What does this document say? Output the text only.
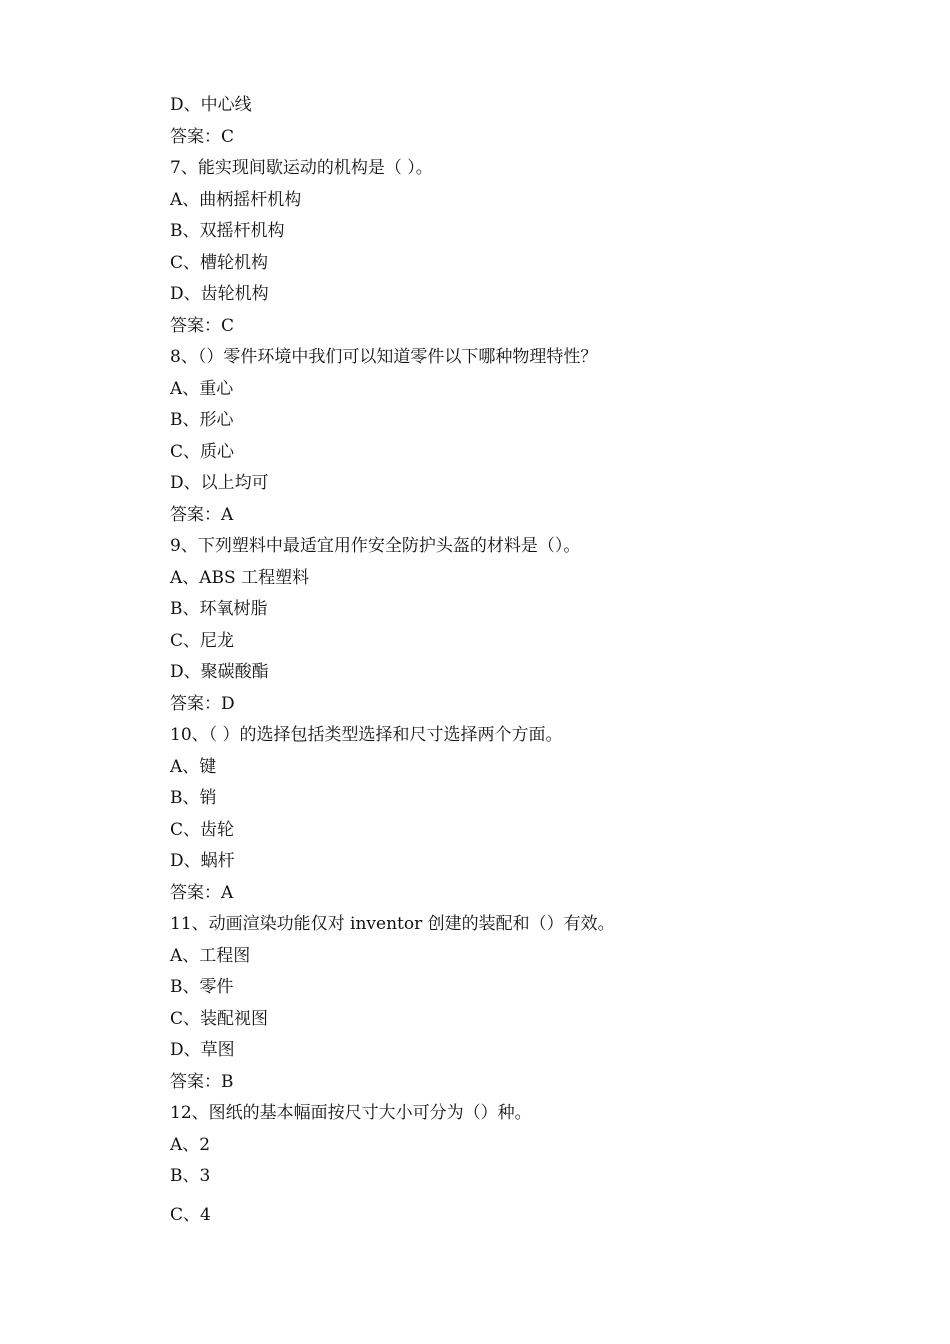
D、中心线
答案：C
7、能实现间歇运动的机构是（ ）。
A、曲柄摇杆机构
B、双摇杆机构
C、槽轮机构
D、齿轮机构
答案：C
8、（）零件环境中我们可以知道零件以下哪种物理特性？
A、重心
B、形心
C、质心
D、以上均可
答案：A
9、下列塑料中最适宜用作安全防护头盔的材料是（）。
A、ABS 工程塑料
B、环氧树脂
C、尼龙
D、聚碳酸酯
答案：D
10、（ ）的选择包括类型选择和尺寸选择两个方面。
A、键
B、销
C、齿轮
D、蜗杆
答案：A
11、动画渲染功能仅对 inventor 创建的装配和（）有效。
A、工程图
B、零件
C、装配视图
D、草图
答案：B
12、图纸的基本幅面按尺寸大小可分为（）种。
A、2
B、3
C、4
